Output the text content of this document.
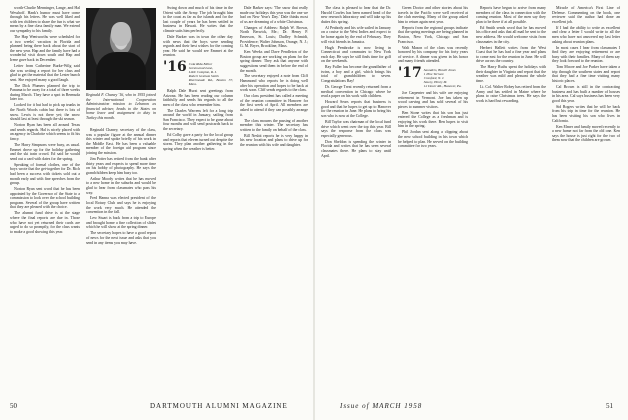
worth-Charlie Menninger, Lange, and Hal Wesshoff. Hank's humor must have come through his letters. He was well liked and with ten children to share the fun is what we mean by a fine class family man. We extend our sympathy to his family.

The Hap Wentworths were scheduled for a two weeks' vacation in Florida and planned being there back about the start of the new year. Hap and the family have had a wonderful visit down south and Hap and Irene gave back in December.

Letter from Catherine Burke-Wilg said she was writing a report for her class and glad to get the material that the Lester bunch sent. She enjoyed many a good laugh.

The Dick Plumers planned the trip to Panama to be away for a total of three weeks during March. They have a spot in Bermuda later too.

Looked for it but had to pick up trunks in the North Woods cabin but there is lots of snow. Lewis is not there yet; the snow should last at least through the ski season.

Norton Ryan has been all around Texas and sends regards. Hal is nicely placed with an agency in Charlotte which seems to fit his fancy.

The Harry Simpsons were busy, as usual. Emmet drove up for the holiday gathering and the ski train crowd. Ed said he would send out a card with dates for the spring.

Speaking of formal clothes, one of the boys wrote that the get-together for Dr. Rich had been a success with tickets sold out a month early and with fine speeches from the group.

Norton Ryan sent word that he has been appointed by the Governor of the State to a commission to look over the school building program. Several of the group have written that they are pleased with the choice.

The alumni fund drive is at the stage where the final reports are due in. Those who have not yet returned their cards are urged to do so promptly, for the class wants to make a good showing this year.

Reginald F. Chaney '16, who in 1955 joined the International Cooperation Administration mission to Lebanon as financial adviser, heads to the States on home leave and assignment to duty in Turkey this month.

Reginald Chaney, secretary of the class, was a popular figure at the annual dinner this winter and spoke briefly of his work in the Middle East. He has been a valuable member of the foreign aid program since joining the mission.

Jim Potter has retired from the bank after thirty years and expects to spend more time on his hobby of photography. He says the grandchildren keep him busy too.

Arthur Moody writes that he has moved to a new home in the suburbs and would be glad to hear from classmates who pass his way.

Fred Hanna was elected president of the local Rotary Club and says he is enjoying the work very much. He attended the convention in the fall.

Lew Stuart is back from a trip to Europe and brought home a fine collection of slides which he will show at the spring dinner.

The secretary hopes to have a good report of news for the next issue and asks that you send in any items you may have.

Swing down and much of his time in the Orient with the Army. The job brought him to the coast as far as the islands and for the last couple of years he has been settled in business in Hawaii. He writes that the climate suits him perfectly.

Dale Barker was in town the other day with news that the boys were sending regards and their best wishes for the coming year. He said he would see Emmet at the reunion.

'16 Cola Rida Editor
Greenwood Lane,
Little Compton, R. I.
Robert Graham Smith
Rivermeade Rd., Boston 37, Mass.

Ralph Dale Hurst sent greetings from Arizona. He has been reading our column faithfully and sends his regards to all the men of the class who remember him.

The Charles Warrens left for a long trip around the world in January, sailing from San Francisco. They expect to be gone about four months and will send postcards back to the secretary.

Ed Colby gave a party for the local group and reports that eleven turned out despite the storm. They plan another gathering in the spring when the weather is better.

Dale Barker says: 'The snow that really made our holidays this year was the one we had on New Year's Day.' Dale thinks most of us are dreaming of a white Christmas.

Changes of Address: Ralph W. Brown, North Berwick, Me.; Dr. Henry P. Emerson, St. Louis; Dudley Schmidt, Providence; Walter Johnson, Orange, N. J.; G. M. Bryer, Brookline, Mass.

Ken Weeks and Dave Pendleton of the Boston group are working on plans for the spring dinner. They ask that anyone with suggestions send them in before the end of the month.

The secretary enjoyed a note from Cliff Hammond who reports he is doing well after his operation and hopes to be back at work soon. Cliff sends regards to the class.

Our class president has called a meeting of the reunion committee in Hanover for the first week of April. All members are asked to attend if they can possibly arrange it.

The class mourns the passing of another member this winter. The secretary has written to the family on behalf of the class.

Bill Nesbit reports he is very happy in his new location and plans to drive up for the reunion with his wife and daughter.

50	DARTMOUTH ALUMNI MAGAZINE

The class is pleased to hear that the Dr. Harold Cowles has been named head of the new research laboratory and will take up his duties this spring.

Al Peabody and his wife sailed in January on a cruise to the West Indies and expect to be home again by the end of February. They will visit friends in Jamaica.

Hugh Pembroke is now living in Connecticut and commutes to New York each day. He says he still finds time for golf on the weekends.

Ray Fuller has become the grandfather of twins, a boy and a girl, which brings his total of grandchildren to seven. Congratulations Ray!

Dr. George Treat recently returned from a medical convention in Chicago where he read a paper on his work with children.

Howard Sears reports that business is good and that he hopes to get up to Hanover for the reunion in June. He plans to bring his son who is now at the College.

Bill Taylor was chairman of the local fund drive which went over the top this year. Bill says the response from the class was especially generous.

Don Sheldon is spending the winter in Florida and writes that he has seen several classmates there. He plans to stay until April.

Green Doctor and other stories about his travels in the Pacific were well received at the club meeting. Many of the group asked him to return again next year.

Reports from the regional groups indicate that the spring meetings are being planned in Boston, New York, Chicago and San Francisco.

Walt Mason of the class was recently honored by his company for his forty years of service. A dinner was given in his honor and many friends attended.

'17 Saunders, Bissell Jones
1 Pine Terrace
Cranford, N. J.
Stacey, Henry M.
12 Dover Rd., Hanover, Pa.

Joe Carpenter and his wife are enjoying retirement in Vermont. Joe has taken up wood carving and has sold several of his pieces to summer visitors.

Ben Stone writes that his son has just entered the College as a freshman and is enjoying his work there. Ben hopes to visit him in the spring.

Phil Jordan sent along a clipping about the new school building in his town which he helped to plan. He served on the building committee for two years.

Reports have begun to arrive from many members of the class in connection with the coming reunion. Most of the men say they plan to be there if at all possible.

Ed Smith sends word that he has moved his office and asks that all mail be sent to the new address. He would welcome visits from classmates in the city.

Herbert Hallett writes from the West Coast that he has had a fine year and plans to come east for the reunion in June. He will drive across the country.

The Harry Ruths spent the holidays with their daughter in Virginia and report that the weather was mild and pleasant the whole time.

Lt. Col. Walter Robey has retired from the Army and has settled in Maine where he plans to raise Christmas trees. He says the work is hard but rewarding.

Miracle of America's First Line of Defense. Commenting on the book, one reviewer said the author had done an excellent job.

If I had the ability to write as excellent and clear a letter I would write to all the men who have not answered my last letter asking about reunion plans.

In most cases I hear from classmates I find they are enjoying retirement or are busy with their families. Many of them say they look forward to the reunion.

Tom Moore and Joe Parker have taken a trip through the southern states and report that they had a fine time visiting many historic places.

Cal Brown is still in the contracting business and has built a number of houses in his area. Cal says business has been very good this year.

Sid Rogers writes that he will be back from his trip in time for the reunion. He has been visiting his son who lives in California.

Ken Elmer and family moved recently to a new home not far from the old one. Ken says the house is just right for the two of them now that the children are grown.

Issue of MARCH 1958	51
